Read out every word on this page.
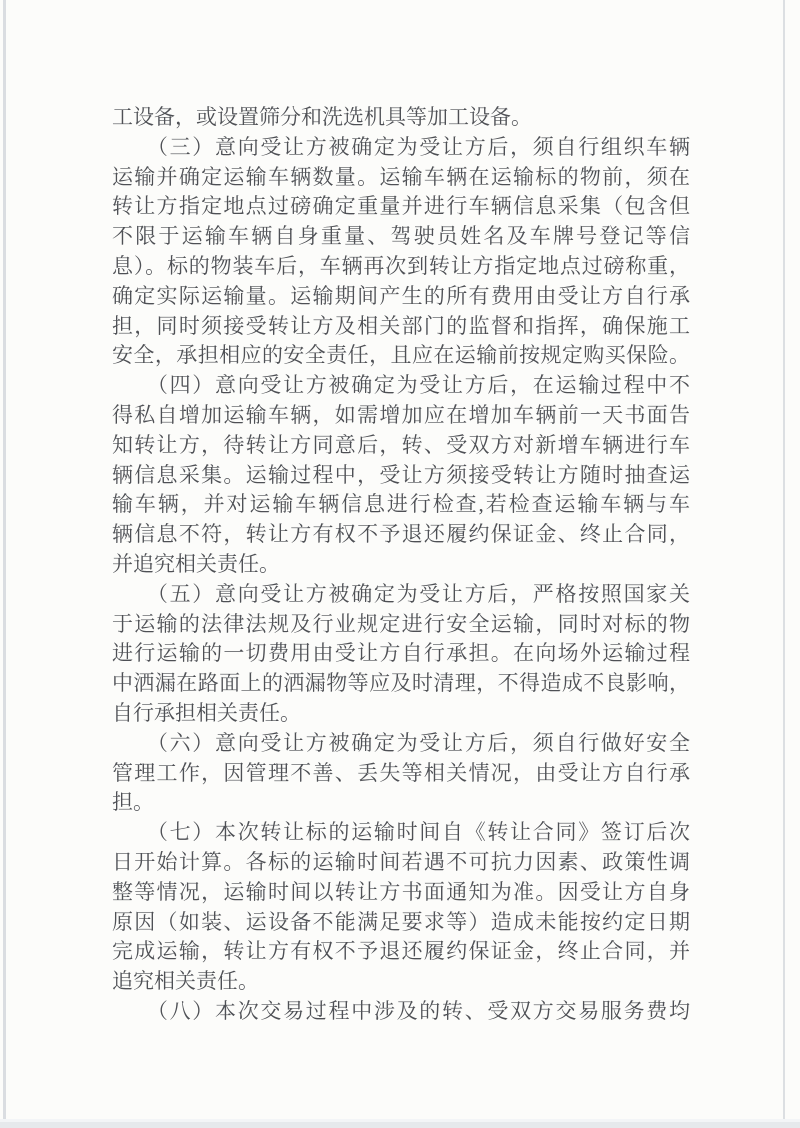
工设备，或设置筛分和洗选机具等加工设备。
　　（三）意向受让方被确定为受让方后，须自行组织车辆
运输并确定运输车辆数量。运输车辆在运输标的物前，须在
转让方指定地点过磅确定重量并进行车辆信息采集（包含但
不限于运输车辆自身重量、驾驶员姓名及车牌号登记等信
息）。标的物装车后，车辆再次到转让方指定地点过磅称重，
确定实际运输量。运输期间产生的所有费用由受让方自行承
担，同时须接受转让方及相关部门的监督和指挥，确保施工
安全，承担相应的安全责任，且应在运输前按规定购买保险。
　　（四）意向受让方被确定为受让方后，在运输过程中不
得私自增加运输车辆，如需增加应在增加车辆前一天书面告
知转让方，待转让方同意后，转、受双方对新增车辆进行车
辆信息采集。运输过程中，受让方须接受转让方随时抽查运
输车辆，并对运输车辆信息进行检查,若检查运输车辆与车
辆信息不符，转让方有权不予退还履约保证金、终止合同，
并追究相关责任。
　　（五）意向受让方被确定为受让方后，严格按照国家关
于运输的法律法规及行业规定进行安全运输，同时对标的物
进行运输的一切费用由受让方自行承担。在向场外运输过程
中洒漏在路面上的洒漏物等应及时清理，不得造成不良影响，
自行承担相关责任。
　　（六）意向受让方被确定为受让方后，须自行做好安全
管理工作，因管理不善、丢失等相关情况，由受让方自行承
担。
　　（七）本次转让标的运输时间自《转让合同》签订后次
日开始计算。各标的运输时间若遇不可抗力因素、政策性调
整等情况，运输时间以转让方书面通知为准。因受让方自身
原因（如装、运设备不能满足要求等）造成未能按约定日期
完成运输，转让方有权不予退还履约保证金，终止合同，并
追究相关责任。
　　（八）本次交易过程中涉及的转、受双方交易服务费均
